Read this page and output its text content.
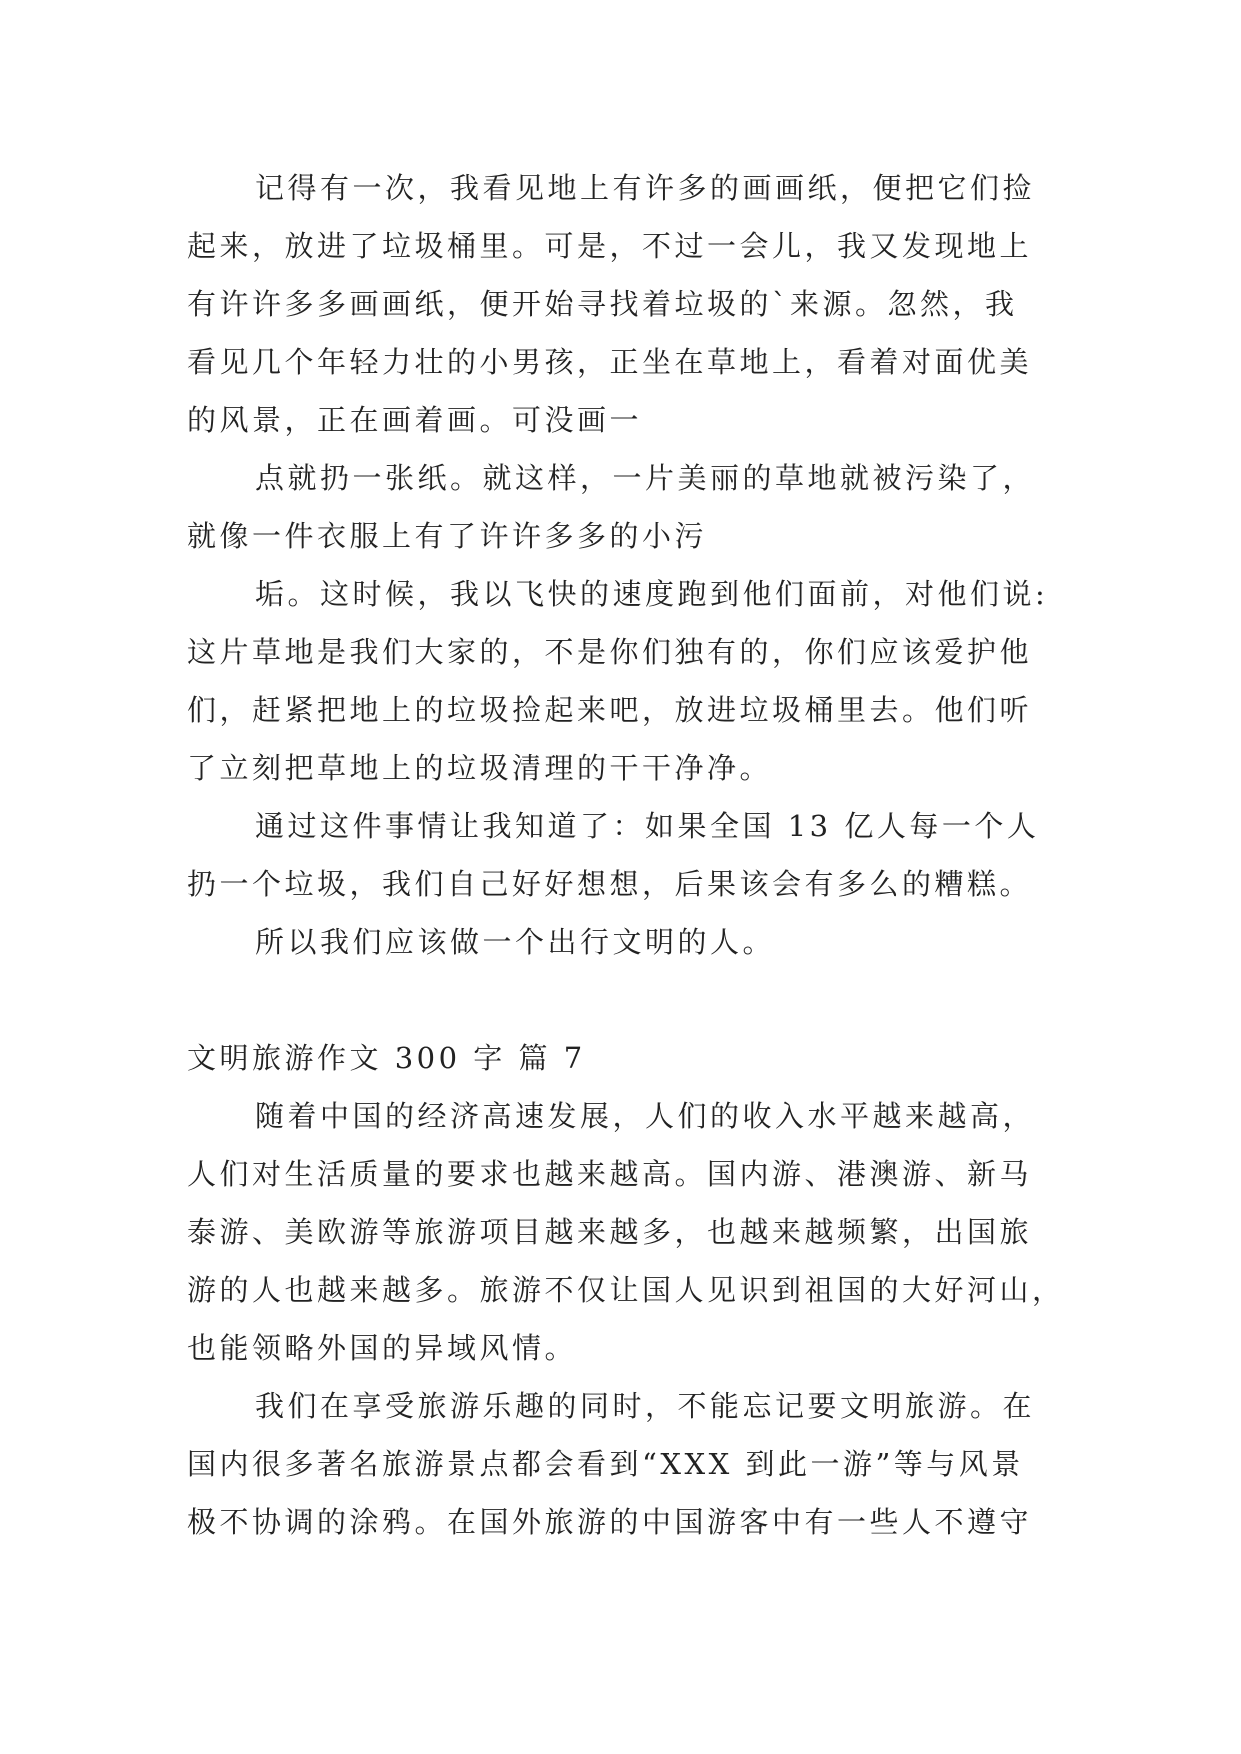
记得有一次，我看见地上有许多的画画纸，便把它们捡
起来，放进了垃圾桶里。可是，不过一会儿，我又发现地上
有许许多多画画纸，便开始寻找着垃圾的`来源。忽然，我
看见几个年轻力壮的小男孩，正坐在草地上，看着对面优美
的风景，正在画着画。可没画一
点就扔一张纸。就这样，一片美丽的草地就被污染了，
就像一件衣服上有了许许多多的小污
垢。这时候，我以飞快的速度跑到他们面前，对他们说:
这片草地是我们大家的，不是你们独有的，你们应该爱护他
们，赶紧把地上的垃圾捡起来吧，放进垃圾桶里去。他们听
了立刻把草地上的垃圾清理的干干净净。
通过这件事情让我知道了：如果全国 13 亿人每一个人
扔一个垃圾，我们自己好好想想，后果该会有多么的糟糕。
所以我们应该做一个出行文明的人。
文明旅游作文 300 字 篇 7
随着中国的经济高速发展，人们的收入水平越来越高，
人们对生活质量的要求也越来越高。国内游、港澳游、新马
泰游、美欧游等旅游项目越来越多，也越来越频繁，出国旅
游的人也越来越多。旅游不仅让国人见识到祖国的大好河山，
也能领略外国的异域风情。
我们在享受旅游乐趣的同时，不能忘记要文明旅游。在
国内很多著名旅游景点都会看到“XXX 到此一游”等与风景
极不协调的涂鸦。在国外旅游的中国游客中有一些人不遵守
